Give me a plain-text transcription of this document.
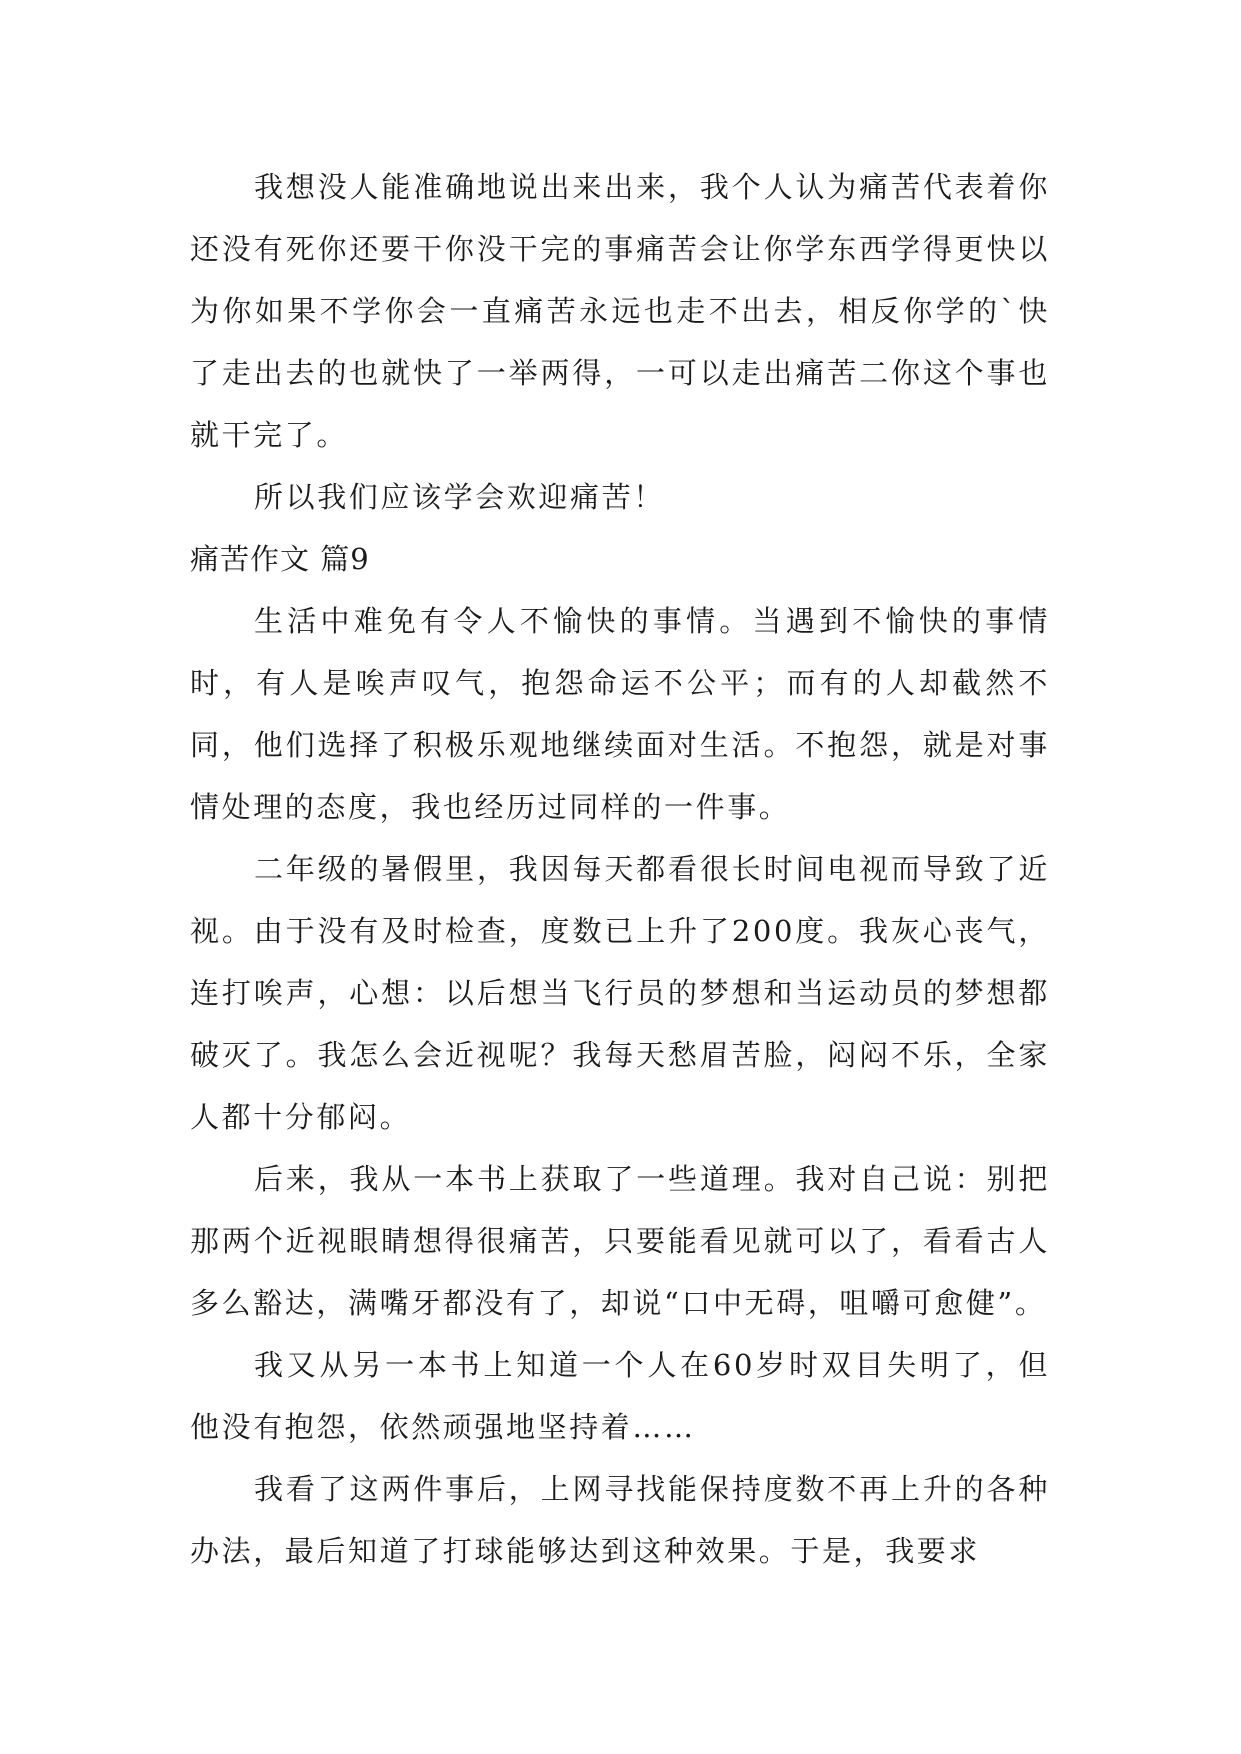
我想没人能准确地说出来出来，我个人认为痛苦代表着你还没有死你还要干你没干完的事痛苦会让你学东西学得更快以为你如果不学你会一直痛苦永远也走不出去，相反你学的`快了走出去的也就快了一举两得，一可以走出痛苦二你这个事也就干完了。

所以我们应该学会欢迎痛苦！

痛苦作文 篇9

生活中难免有令人不愉快的事情。当遇到不愉快的事情时，有人是唉声叹气，抱怨命运不公平；而有的人却截然不同，他们选择了积极乐观地继续面对生活。不抱怨，就是对事情处理的态度，我也经历过同样的一件事。

二年级的暑假里，我因每天都看很长时间电视而导致了近视。由于没有及时检查，度数已上升了200度。我灰心丧气，连打唉声，心想：以后想当飞行员的梦想和当运动员的梦想都破灭了。我怎么会近视呢？我每天愁眉苦脸，闷闷不乐，全家人都十分郁闷。

后来，我从一本书上获取了一些道理。我对自己说：别把那两个近视眼睛想得很痛苦，只要能看见就可以了，看看古人多么豁达，满嘴牙都没有了，却说“口中无碍，咀嚼可愈健”。

我又从另一本书上知道一个人在60岁时双目失明了，但他没有抱怨，依然顽强地坚持着……

我看了这两件事后，上网寻找能保持度数不再上升的各种办法，最后知道了打球能够达到这种效果。于是，我要求
